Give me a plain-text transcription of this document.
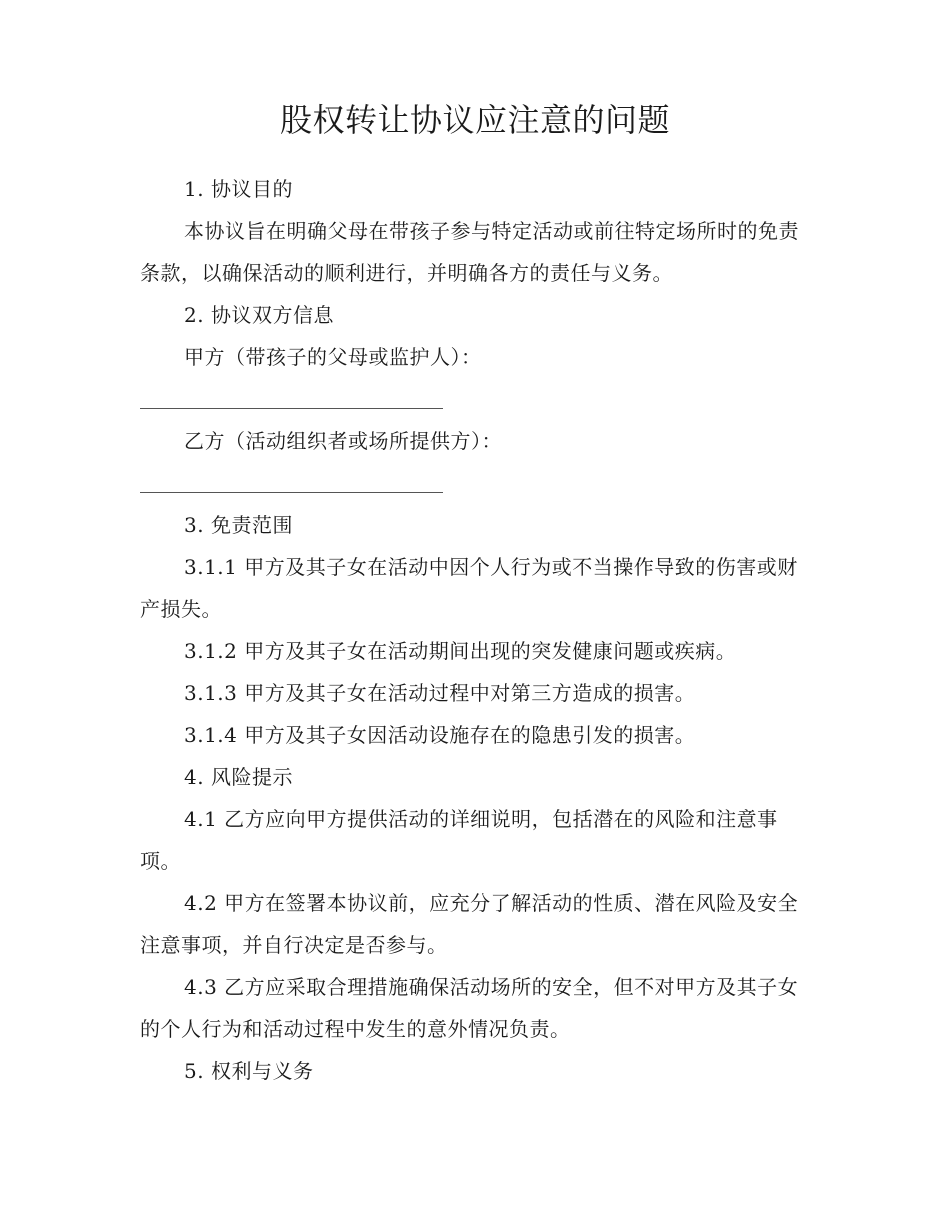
股权转让协议应注意的问题

1. 协议目的

本协议旨在明确父母在带孩子参与特定活动或前往特定场所时的免责条款，以确保活动的顺利进行，并明确各方的责任与义务。

2. 协议双方信息

甲方（带孩子的父母或监护人）：

乙方（活动组织者或场所提供方）：

3. 免责范围

3.1.1 甲方及其子女在活动中因个人行为或不当操作导致的伤害或财产损失。

3.1.2 甲方及其子女在活动期间出现的突发健康问题或疾病。

3.1.3 甲方及其子女在活动过程中对第三方造成的损害。

3.1.4 甲方及其子女因活动设施存在的隐患引发的损害。

4. 风险提示

4.1 乙方应向甲方提供活动的详细说明，包括潜在的风险和注意事项。

4.2 甲方在签署本协议前，应充分了解活动的性质、潜在风险及安全注意事项，并自行决定是否参与。

4.3 乙方应采取合理措施确保活动场所的安全，但不对甲方及其子女的个人行为和活动过程中发生的意外情况负责。

5. 权利与义务
